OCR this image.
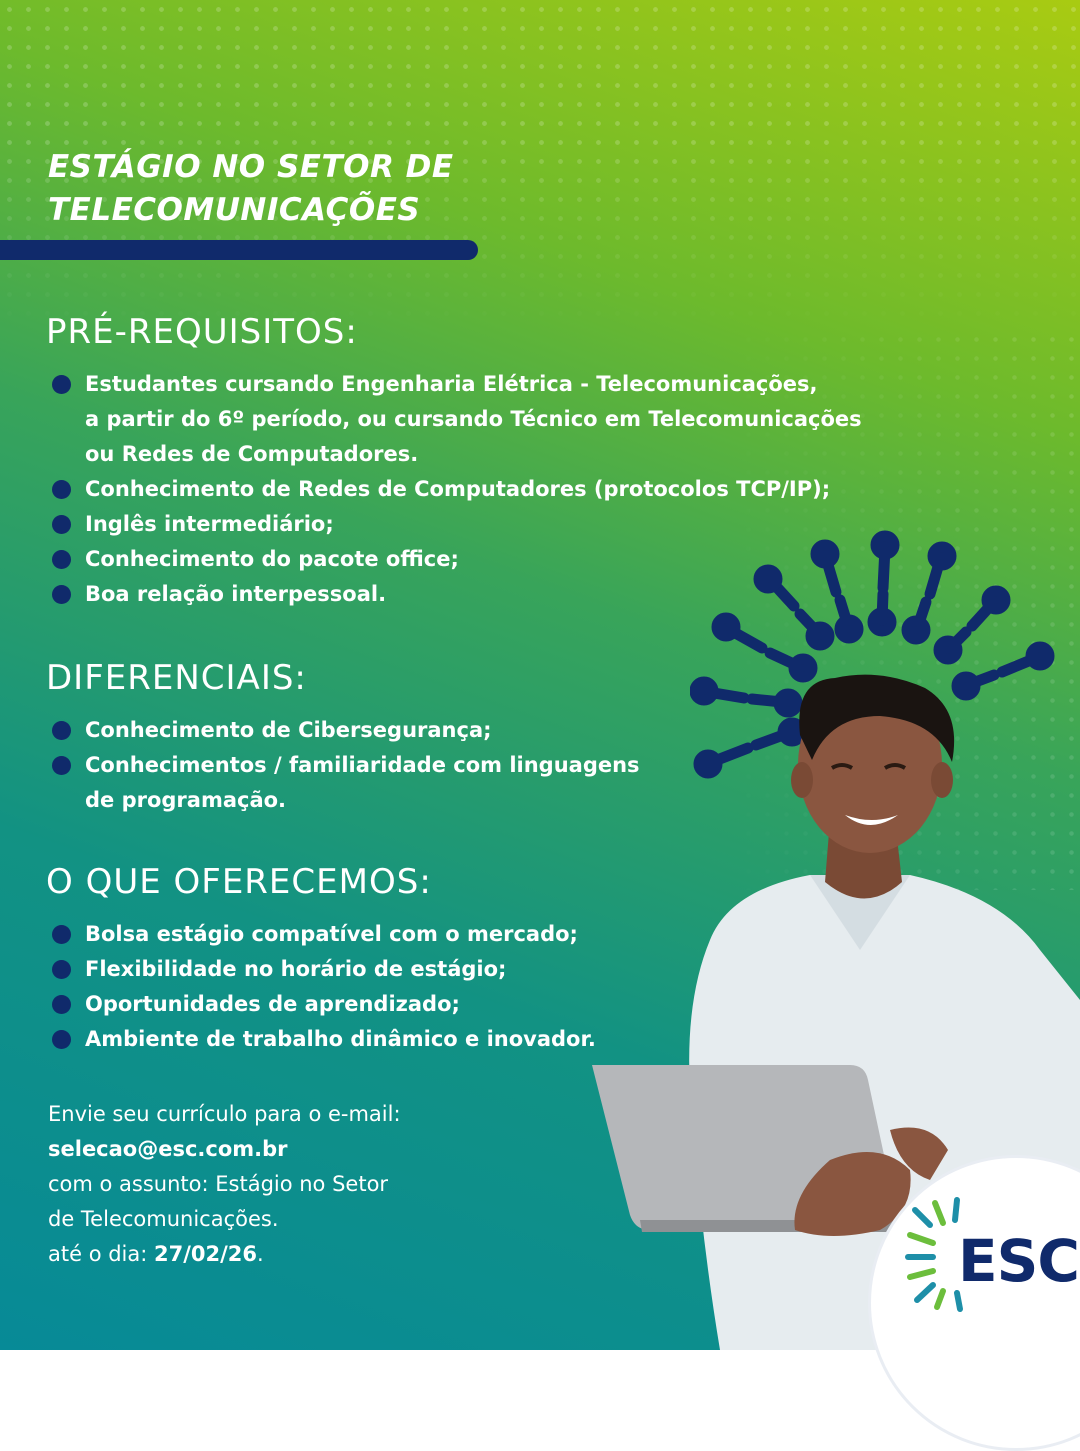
ESTÁGIO NO SETOR DE
TELECOMUNICAÇÕES
PRÉ-REQUISITOS:
Estudantes cursando Engenharia Elétrica - Telecomunicações,
a partir do 6º período, ou cursando Técnico em Telecomunicações
ou Redes de Computadores.
Conhecimento de Redes de Computadores (protocolos TCP/IP);
Inglês intermediário;
Conhecimento do pacote office;
Boa relação interpessoal.
DIFERENCIAIS:
Conhecimento de Cibersegurança;
Conhecimentos / familiaridade com linguagens
de programação.
O QUE OFERECEMOS:
Bolsa estágio compatível com o mercado;
Flexibilidade no horário de estágio;
Oportunidades de aprendizado;
Ambiente de trabalho dinâmico e inovador.
Envie seu currículo para o e-mail:
selecao@esc.com.br
com o assunto: Estágio no Setor
de Telecomunicações.
até o dia: 27/02/26.	ESC
